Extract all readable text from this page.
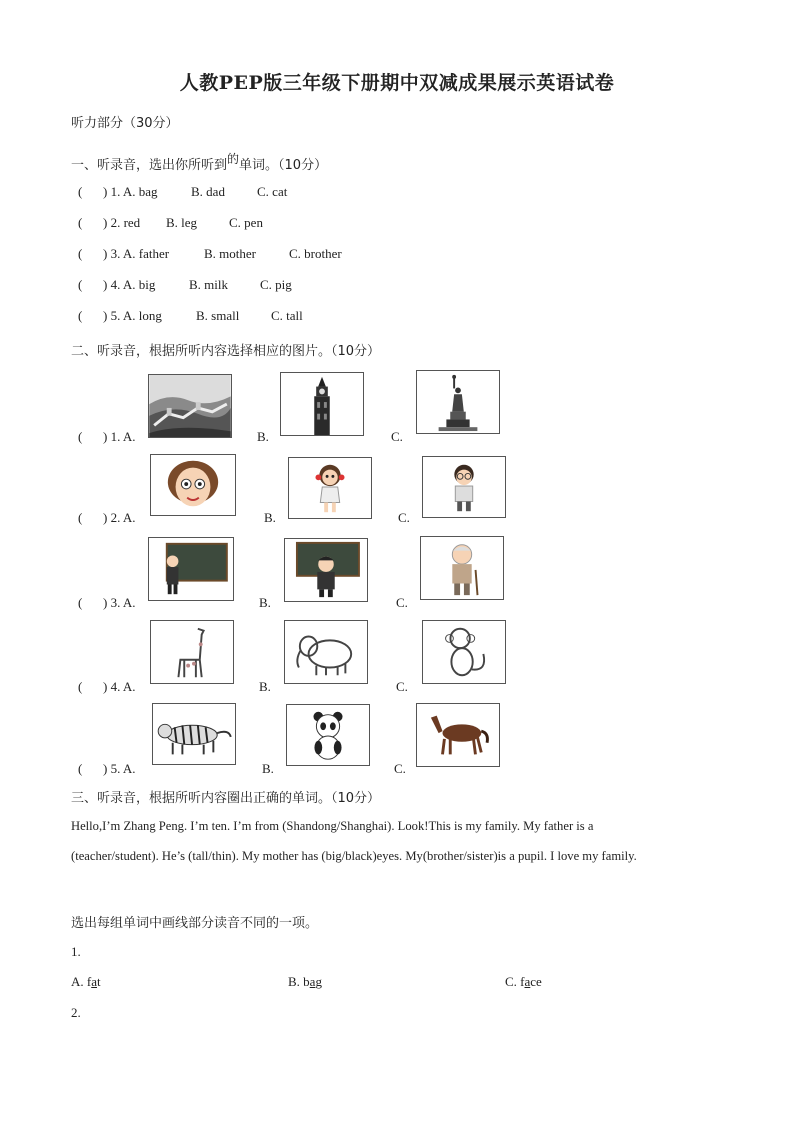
人教PEP版三年级下册期中双减成果展示英语试卷
听力部分（30分）
一、听录音，选出你所听到的单词。（10分）
( ) 1. A. bag	B. dad C. cat
( ) 2. red B. leg C. pen
( ) 3. A. father	B. mother	C. brother
( ) 4. A. big	B. milk C. pig
( ) 5. A. long	B. small C. tall
二、听录音，根据所听内容选择相应的图片。（10分）
( ) 1. A.	B.	C.
( ) 2. A.	B.	C.
( ) 3. A.	B.	C.
( ) 4. A.	B.	C.
( ) 5. A.	B.	C.
三、听录音，根据所听内容圈出正确的单词。（10分）
Hello,I’m Zhang Peng. I’m ten. I’m from (Shandong/Shanghai). Look!This is my family. My father is a
(teacher/student). He’s (tall/thin). My mother has (big/black)eyes. My(brother/sister)is a pupil. I love my family.
选出每组单词中画线部分读音不同的一项。
1.
A. fat	B. bag	C. face
2.
